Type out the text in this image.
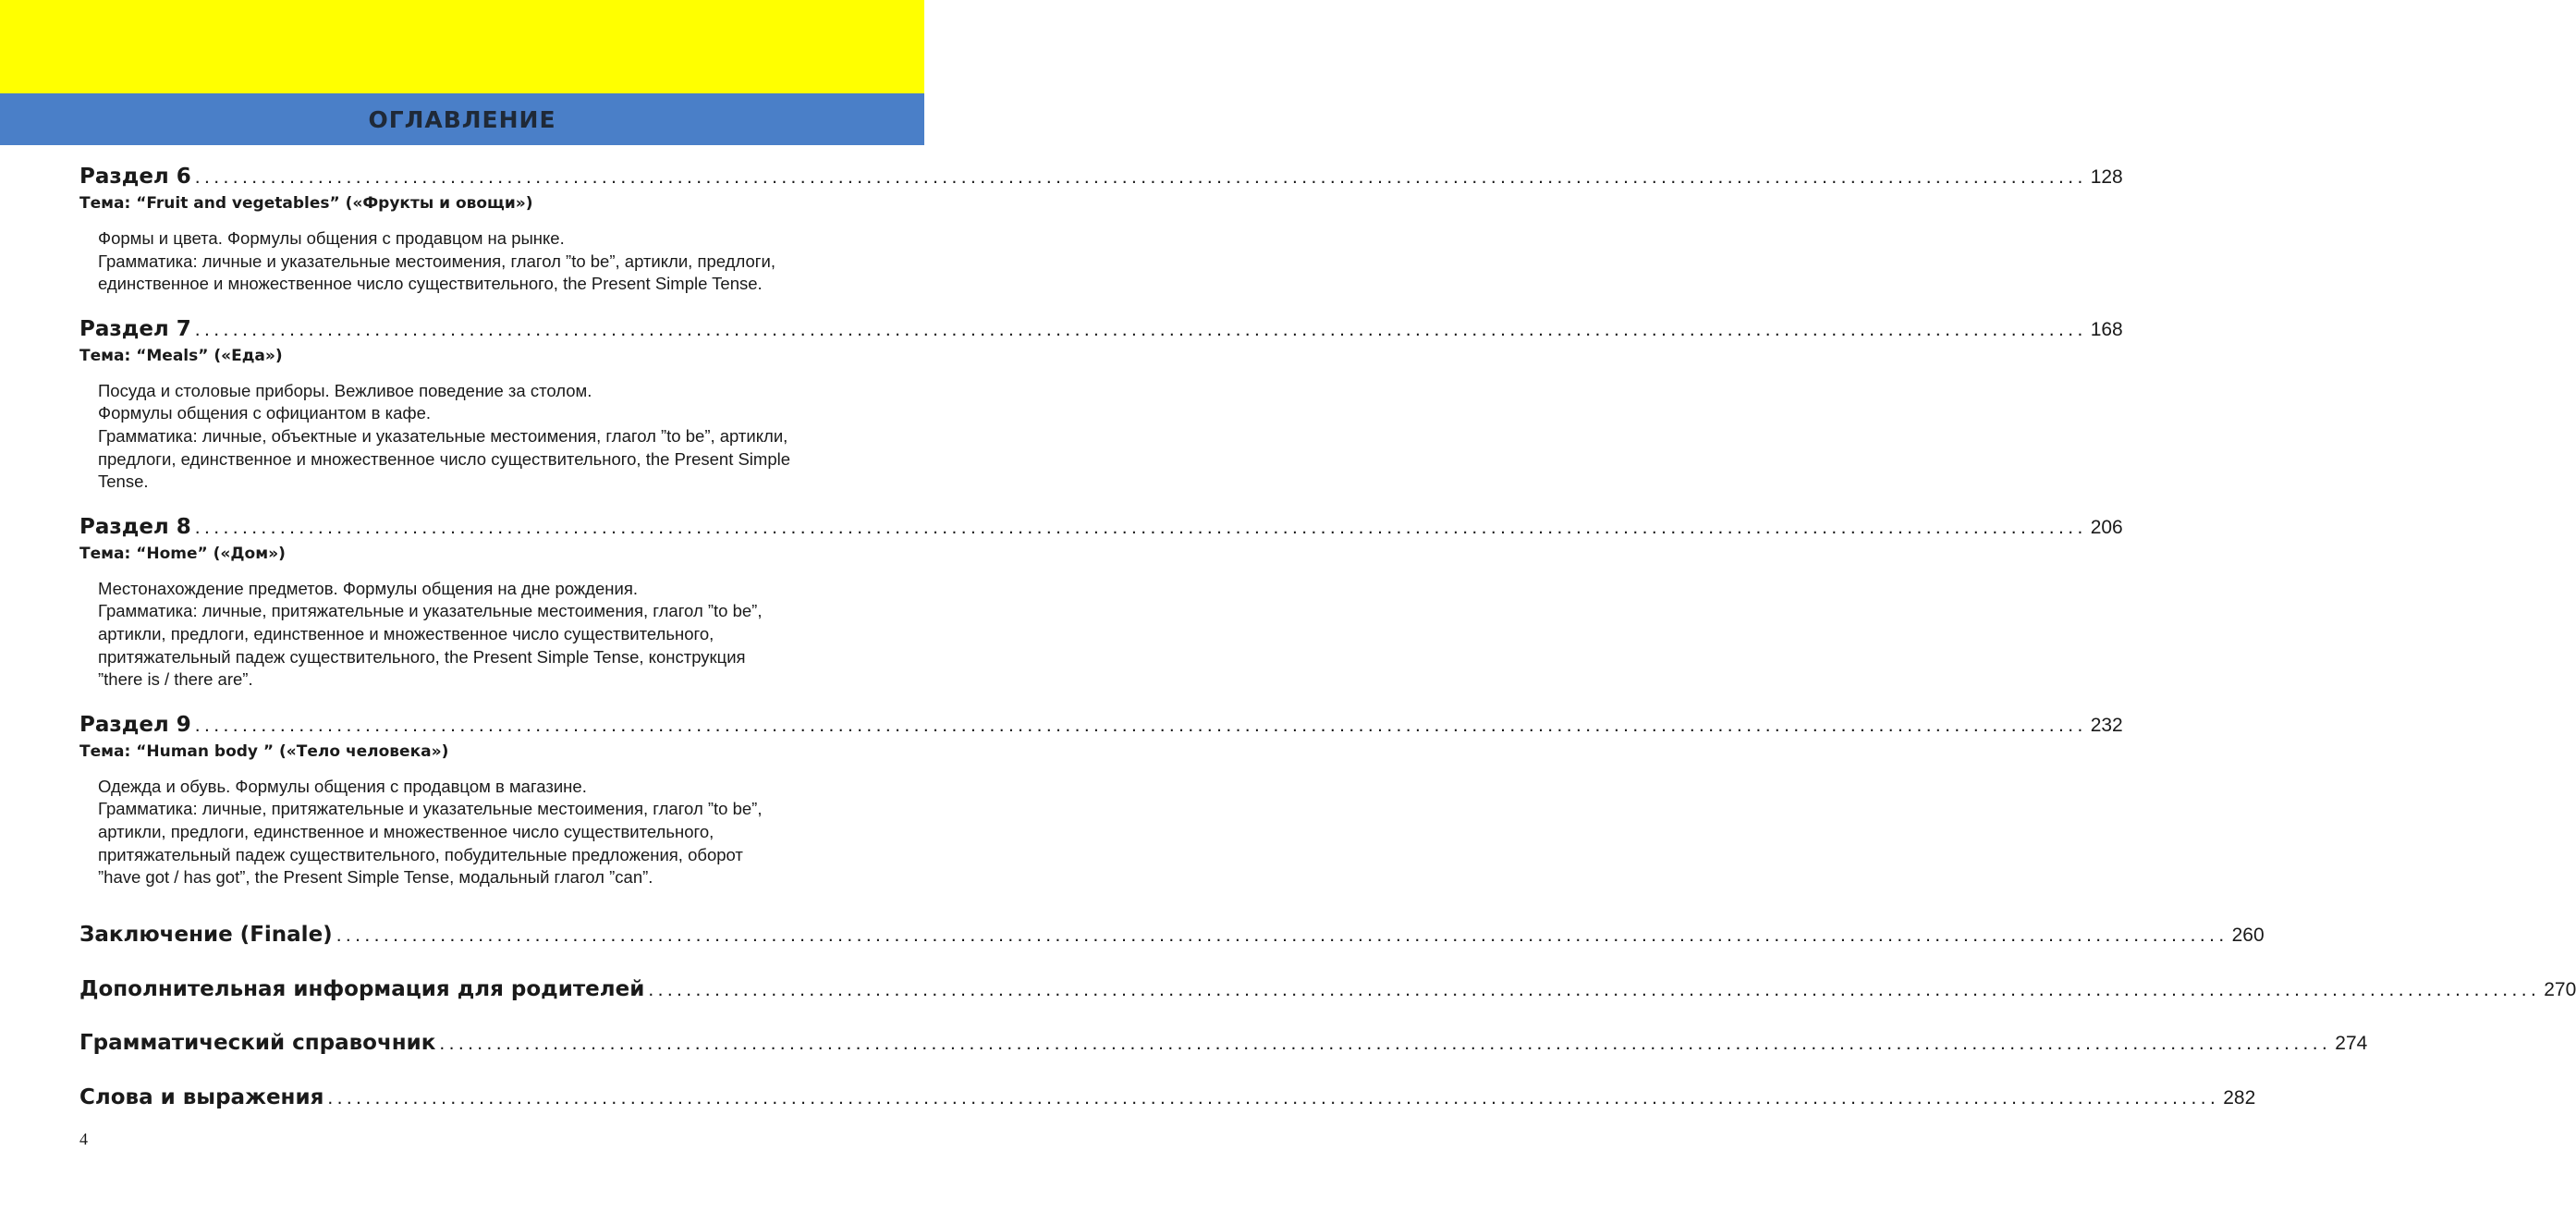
ОГЛАВЛЕНИЕ
Раздел 6 ........................................................................................................................................................................................................ 128
Тема: “Fruit and vegetables” («Фрукты и овощи»)
Формы и цвета. Формулы общения с продавцом на рынке.
Грамматика: личные и указательные местоимения, глагол ”to be”, артикли, предлоги,
единственное и множественное число существительного, the Present Simple Tense.
Раздел 7 ........................................................................................................................................................................................................ 168
Тема: “Meals” («Еда»)
Посуда и столовые приборы. Вежливое поведение за столом.
Формулы общения с официантом в кафе.
Грамматика: личные, объектные и указательные местоимения, глагол ”to be”, артикли,
предлоги, единственное и множественное число существительного, the Present Simple
Tense.
Раздел 8 ........................................................................................................................................................................................................ 206
Тема: “Home” («Дом»)
Местонахождение предметов. Формулы общения на дне рождения.
Грамматика: личные, притяжательные и указательные местоимения, глагол ”to be”,
артикли, предлоги, единственное и множественное число существительного,
притяжательный падеж существительного, the Present Simple Tense, конструкция
”there is / there are”.
Раздел 9 ........................................................................................................................................................................................................ 232
Тема: “Human body ” («Тело человека»)
Одежда и обувь. Формулы общения с продавцом в магазине.
Грамматика: личные, притяжательные и указательные местоимения, глагол ”to be”,
артикли, предлоги, единственное и множественное число существительного,
притяжательный падеж существительного, побудительные предложения, оборот
”have got / has got”, the Present Simple Tense, модальный глагол ”can”.
Заключение (Finale) ........................................................................................................................................................................................................ 260
Дополнительная информация для родителей ........................................................................................................................................................................................................ 270
Грамматический справочник ........................................................................................................................................................................................................ 274
Слова и выражения ........................................................................................................................................................................................................ 282
4
